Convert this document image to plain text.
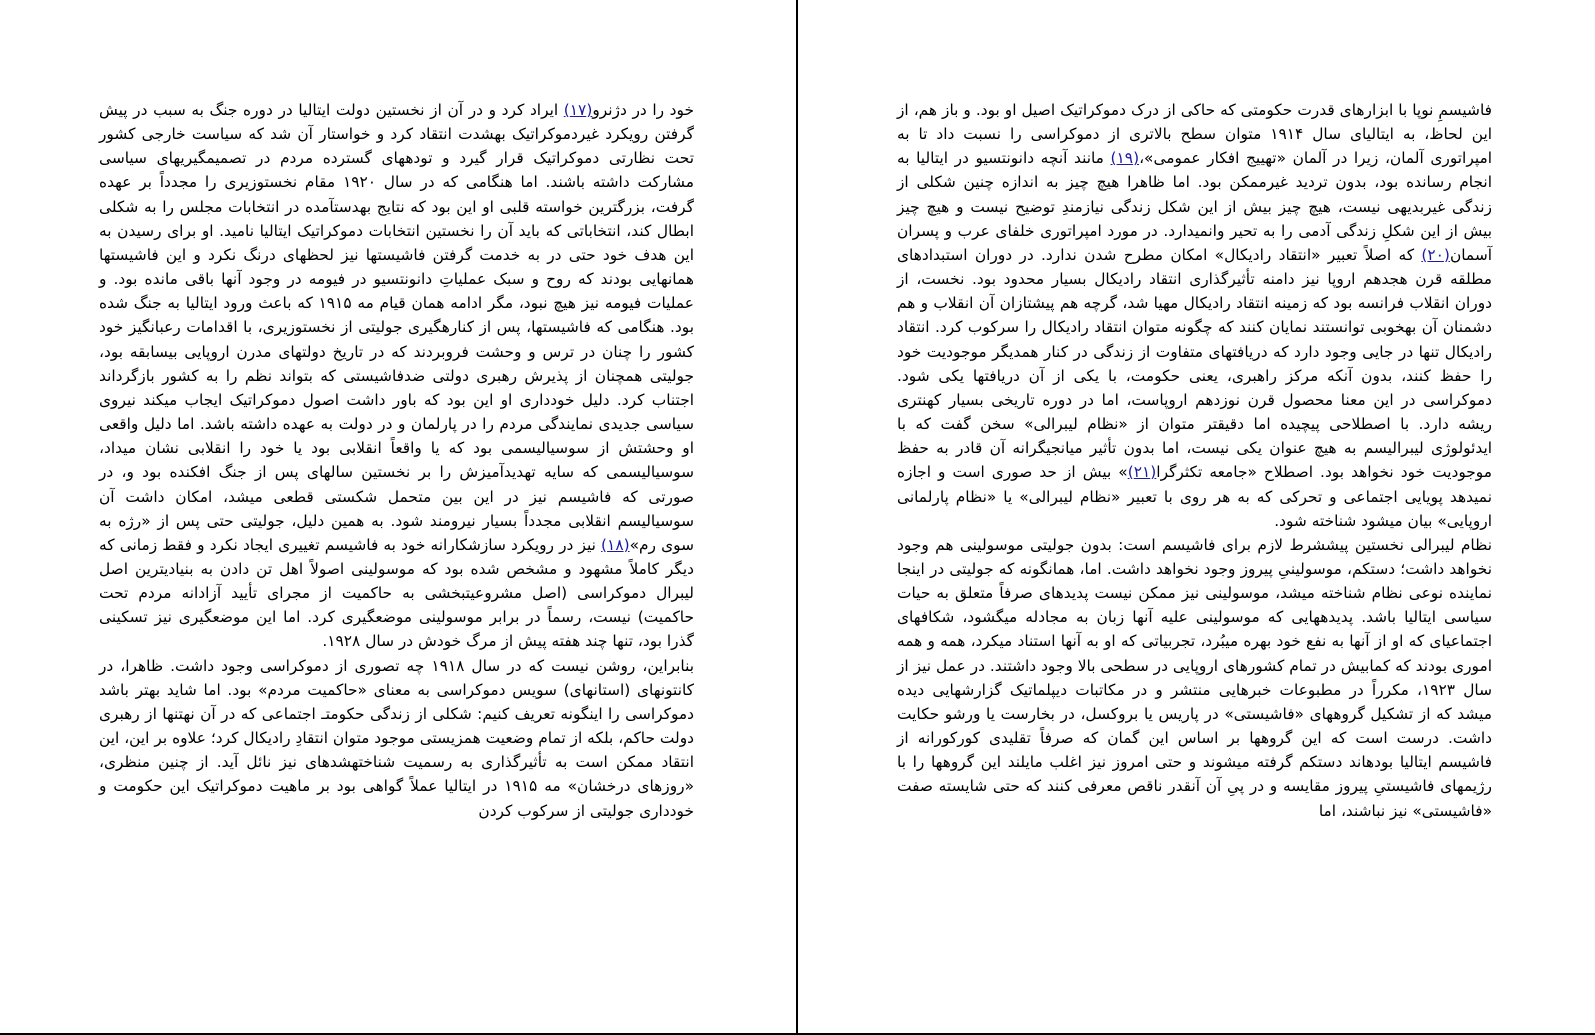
خود را در دژنرو(۱۷) ایراد کرد و در آن از نخستین دولت ایتالیا در دوره جنگ به سبب در پیش گرفتن رویکرد غیردموکراتیک بهشدت انتقاد کرد و خواستار آن شد که سیاست خارجی کشور تحت نظارتی دموکراتیک قرار گیرد و تودههای گسترده مردم در تصمیمگیریهای سیاسی مشارکت داشته باشند. اما هنگامی که در سال ۱۹۲۰ مقام نخستوزیری را مجدداً بر عهده گرفت، بزرگترین خواسته قلبی او این بود که نتایج بهدستآمده در انتخابات مجلس را به شکلی ابطال کند، انتخاباتی که باید آن را نخستین انتخابات دموکراتیک ایتالیا نامید. او برای رسیدن به این هدف خود حتی در به خدمت گرفتن فاشیستها نیز لحظهای درنگ نکرد و این فاشیستها همانهایی بودند که روح و سبک عملیاتِ دانونتسیو در فیومه در وجود آنها باقی مانده بود. و عملیات فیومه نیز هیچ نبود، مگر ادامه همان قیام مه ۱۹۱۵ که باعث ورود ایتالیا به جنگ شده بود. هنگامی که فاشیستها، پس از کنارهگیری جولیتی از نخستوزیری، با اقدامات رعبانگیز خود کشور را چنان در ترس و وحشت فروبردند که در تاریخ دولتهای مدرن اروپایی بیسابقه بود، جولیتی همچنان از پذیرش رهبری دولتی ضدفاشیستی که بتواند نظم را به کشور بازگرداند اجتناب کرد. دلیل خودداری او این بود که باور داشت اصول دموکراتیک ایجاب میکند نیروی سیاسی جدیدی نمایندگی مردم را در پارلمان و در دولت به عهده داشته باشد. اما دلیل واقعی او وحشتش از سوسیالیسمی بود که یا واقعاً انقلابی بود یا خود را انقلابی نشان میداد، سوسیالیسمی که سایه تهدیدآمیزش را بر نخستین سالهای پس از جنگ افکنده بود و، در صورتی که فاشیسم نیز در این بین متحمل شکستی قطعی میشد، امکان داشت آن سوسیالیسم انقلابی مجدداً بسیار نیرومند شود. به همین دلیل، جولیتی حتی پس از «رژه به سوی رم»(۱۸) نیز در رویکرد سازشکارانه خود به فاشیسم تغییری ایجاد نکرد و فقط زمانی که دیگر کاملاً مشهود و مشخص شده بود که موسولینی اصولاً اهل تن دادن به بنیادیترین اصل لیبرال دموکراسی (اصل مشروعیتبخشی به حاکمیت از مجرای تأیید آزادانه مردم تحت حاکمیت) نیست، رسماً در برابر موسولینی موضعگیری کرد. اما این موضعگیری نیز تسکینی گذرا بود، تنها چند هفته پیش از مرگ خودش در سال ۱۹۲۸.

بنابراین، روشن نیست که در سال ۱۹۱۸ چه تصوری از دموکراسی وجود داشت. ظاهرا، در کانتونهای (استانهای) سویس دموکراسی به معنای «حاکمیت مردم» بود. اما شاید بهتر باشد دموکراسی را اینگونه تعریف کنیم: شکلی از زندگی حکومتـ اجتماعی که در آن نهتنها از رهبری دولت حاکم، بلکه از تمام وضعیت همزیستی موجود متوان انتقادِ رادیکال کرد؛ علاوه بر این، این انتقاد ممکن است به تأثیرگذاری به رسمیت شناختهشدهای نیز نائل آید. از چنین منظری، «روزهای درخشان» مه ۱۹۱۵ در ایتالیا عملاً گواهی بود بر ماهیت دموکراتیک این حکومت و خودداری جولیتی از سرکوب کردن

فاشیسمِ نوپا با ابزارهای قدرت حکومتی که حاکی از درک دموکراتیک اصیل او بود. و باز هم، از این لحاظ، به ایتالیای سال ۱۹۱۴ متوان سطح بالاتری از دموکراسی را نسبت داد تا به امپراتوری آلمان، زیرا در آلمان «تهییج افکار عمومی»،(۱۹) مانند آنچه دانونتسیو در ایتالیا به انجام رسانده بود، بدون تردید غیرممکن بود. اما ظاهرا هیچ چیز به اندازه چنین شکلی از زندگی غیربدیهی نیست، هیچ چیز بیش از این شکل زندگی نیازمندِ توضیح نیست و هیچ چیز بیش از این شکلِ زندگی آدمی را به تحیر وانمیدارد. در مورد امپراتوری خلفای عرب و پسران آسمان(۲۰) که اصلاً تعبیر «انتقاد رادیکال» امکان مطرح شدن ندارد. در دوران استبدادهای مطلقه قرن هجدهم اروپا نیز دامنه تأثیرگذاری انتقاد رادیکال بسیار محدود بود. نخست، از دوران انقلاب فرانسه بود که زمینه انتقاد رادیکال مهیا شد، گرچه هم پیشتازان آن انقلاب و هم دشمنان آن بهخوبی توانستند نمایان کنند که چگونه متوان انتقاد رادیکال را سرکوب کرد. انتقاد رادیکال تنها در جایی وجود دارد که دریافتهای متفاوت از زندگی در کنار همدیگر موجودیت خود را حفظ کنند، بدون آنکه مرکز راهبری، یعنی حکومت، با یکی از آن دریافتها یکی شود. دموکراسی در این معنا محصول قرن نوزدهم اروپاست، اما در دوره تاریخی بسیار کهنتری ریشه دارد. با اصطلاحی پیچیده اما دقیقتر متوان از «نظام لیبرالی» سخن گفت که با ایدئولوژی لیبرالیسم به هیچ عنوان یکی نیست، اما بدون تأثیر میانجیگرانه آن قادر به حفظ موجودیت خود نخواهد بود. اصطلاح «جامعه تکثرگرا(۲۱)» بیش از حد صوری است و اجازه نمیدهد پویایی اجتماعی و تحرکی که به هر روی با تعبیر «نظام لیبرالی» یا «نظام پارلمانی اروپایی» بیان میشود شناخته شود.

نظام لیبرالی نخستین پیششرط لازم برای فاشیسم است: بدون جولیتی موسولینی هم وجود نخواهد داشت؛ دستکم، موسولینیِ پیروز وجود نخواهد داشت. اما، همانگونه که جولیتی در اینجا نماینده نوعی نظام شناخته میشد، موسولینی نیز ممکن نیست پدیدهای صرفاً متعلق به حیات سیاسی ایتالیا باشد. پدیدههایی که موسولینی علیه آنها زبان به مجادله میگشود، شکافهای اجتماعیای که او از آنها به نفع خود بهره میبُرد، تجربیاتی که او به آنها استناد میکرد، همه و همه اموری بودند که کمابیش در تمام کشورهای اروپایی در سطحی بالا وجود داشتند. در عمل نیز از سال ۱۹۲۳، مکرراً در مطبوعات خبرهایی منتشر و در مکاتبات دیپلماتیک گزارشهایی دیده میشد که از تشکیل گروههای «فاشیستی» در پاریس یا بروکسل، در بخارست یا ورشو حکایت داشت. درست است که این گروهها بر اساس این گمان که صرفاً تقلیدی کورکورانه از فاشیسم ایتالیا بودهاند دستکم گرفته میشوند و حتی امروز نیز اغلب مایلند این گروهها را با رژیمهای فاشیستیِ پیروز مقایسه و در پیِ آن آنقدر ناقص معرفی کنند که حتی شایسته صفت «فاشیستی» نیز نباشند، اما
